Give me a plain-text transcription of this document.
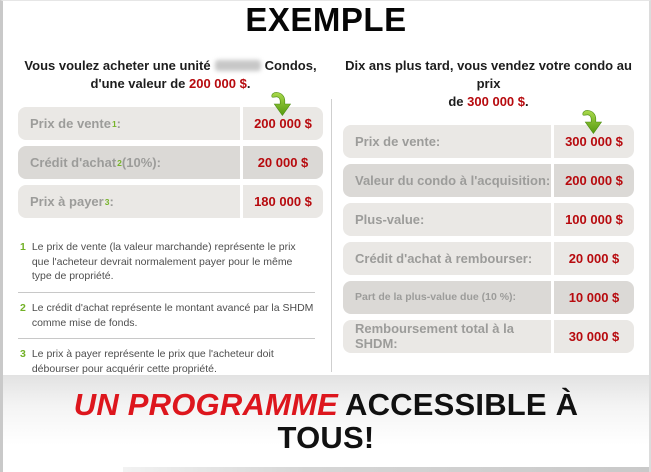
EXEMPLE

Vous voulez acheter une unité	Condos,
d'une valeur de 200 000 $.

Prix de vente 1 :	200 000 $
Crédit d'achat 2 (10%):	20 000 $
Prix à payer 3 :	180 000 $
1 Le prix de vente (la valeur marchande) représente le prix que l'acheteur devrait normalement payer pour le même type de propriété.
2 Le crédit d'achat représente le montant avancé par la SHDM comme mise de fonds.
3 Le prix à payer représente le prix que l'acheteur doit débourser pour acquérir cette propriété.

Dix ans plus tard, vous vendez votre condo au prix
de 300 000 $.

Prix de vente:	300 000 $
Valeur du condo à l'acquisition:	200 000 $
Plus-value:	100 000 $
Crédit d'achat à rembourser:	20 000 $
Part de la plus-value due (10 %):	10 000 $
Remboursement total à la SHDM:	30 000 $
UN PROGRAMME ACCESSIBLE À
TOUS!
